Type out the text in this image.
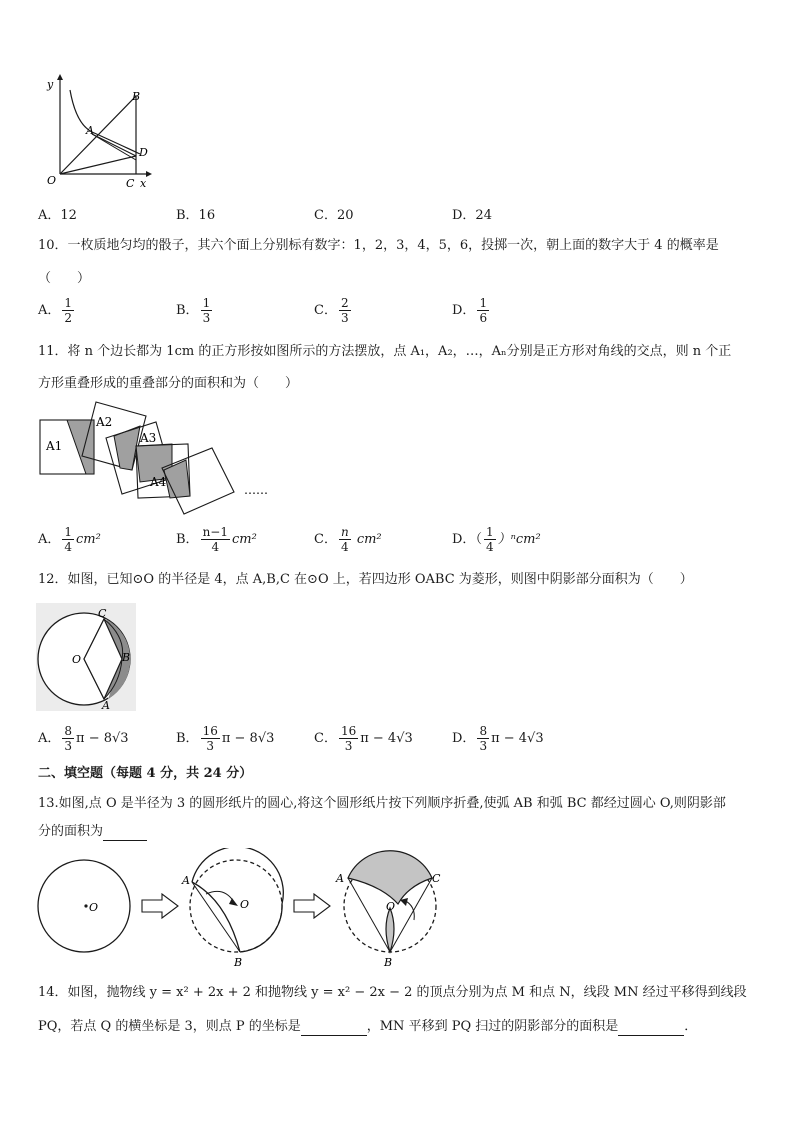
y
x
O
A
B
C
D
A．12	B．16	C．20	D．24
10．一枚质地匀均的骰子，其六个面上分别标有数字：1，2，3，4，5，6，投掷一次，朝上面的数字大于 4 的概率是
（　　）
A． $\frac{1}{2}$	B． $\frac{1}{3}$	C． $\frac{2}{3}$	D． $\frac{1}{6}$
11．将 n 个边长都为 1cm 的正方形按如图所示的方法摆放，点 A₁，A₂，…，Aₙ分别是正方形对角线的交点，则 n 个正
方形重叠形成的重叠部分的面积和为（　　）
A1
A2
A3
A4
……
A． $\frac{1}{4} cm^2$	B． $\frac{n-1}{4} cm^2$	C． $\frac{n}{4} cm^2$	D．（ $\frac{1}{4} )^ncm^2$
12．如图，已知⊙O 的半径是 4，点 A,B,C 在⊙O 上，若四边形 OABC 为菱形，则图中阴影部分面积为（　　）
O
C
B
A
A． $\frac{8}{3}$ π − 8√3	B． $\frac{16}{3}$ π − 8√3	C． $\frac{16}{3}$ π − 4√3	D． $\frac{8}{3}$ π − 4√3
二、填空题（每题 4 分，共 24 分）
13.如图,点 O 是半径为 3 的圆形纸片的圆心,将这个圆形纸片按下列顺序折叠,使弧 AB 和弧 BC 都经过圆心 O,则阴影部
分的面积为
O
A
O
B
A	C
O
B
14．如图，抛物线 y = x² + 2x + 2 和抛物线 y = x² − 2x − 2 的顶点分别为点 M 和点 N，线段 MN 经过平移得到线段
PQ，若点 Q 的横坐标是 3，则点 P 的坐标是	，MN 平移到 PQ 扫过的阴影部分的面积是	．
